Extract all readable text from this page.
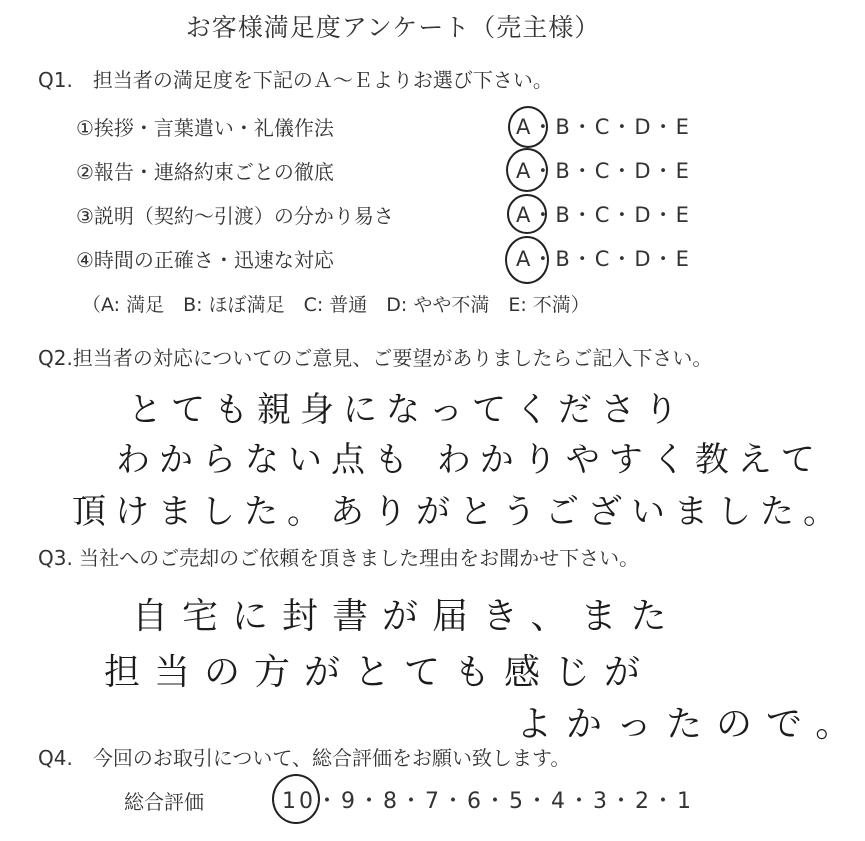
お客様満足度アンケート（売主様）
Q1.　担当者の満足度を下記のＡ～Ｅよりお選び下さい。
①挨拶・言葉遣い・礼儀作法	A・B・C・D・E
②報告・連絡約束ごとの徹底	A・B・C・D・E
③説明（契約～引渡）の分かり易さ	A・B・C・D・E
④時間の正確さ・迅速な対応	A・B・C・D・E
（A: 満足　B: ほぼ満足　C: 普通　D: やや不満　E: 不満）
Q2.担当者の対応についてのご意見、ご要望がありましたらご記入下さい。
とても親身になってくださり
わからない点も わかりやすく教えて
頂けました。ありがとうございました。
Q3. 当社へのご売却のご依頼を頂きました理由をお聞かせ下さい。
自宅に封書が届き、また
担当の方がとても感じが
よかったので。
Q4.　今回のお取引について、総合評価をお願い致します。
総合評価	10・9・8・7・6・5・4・3・2・1
